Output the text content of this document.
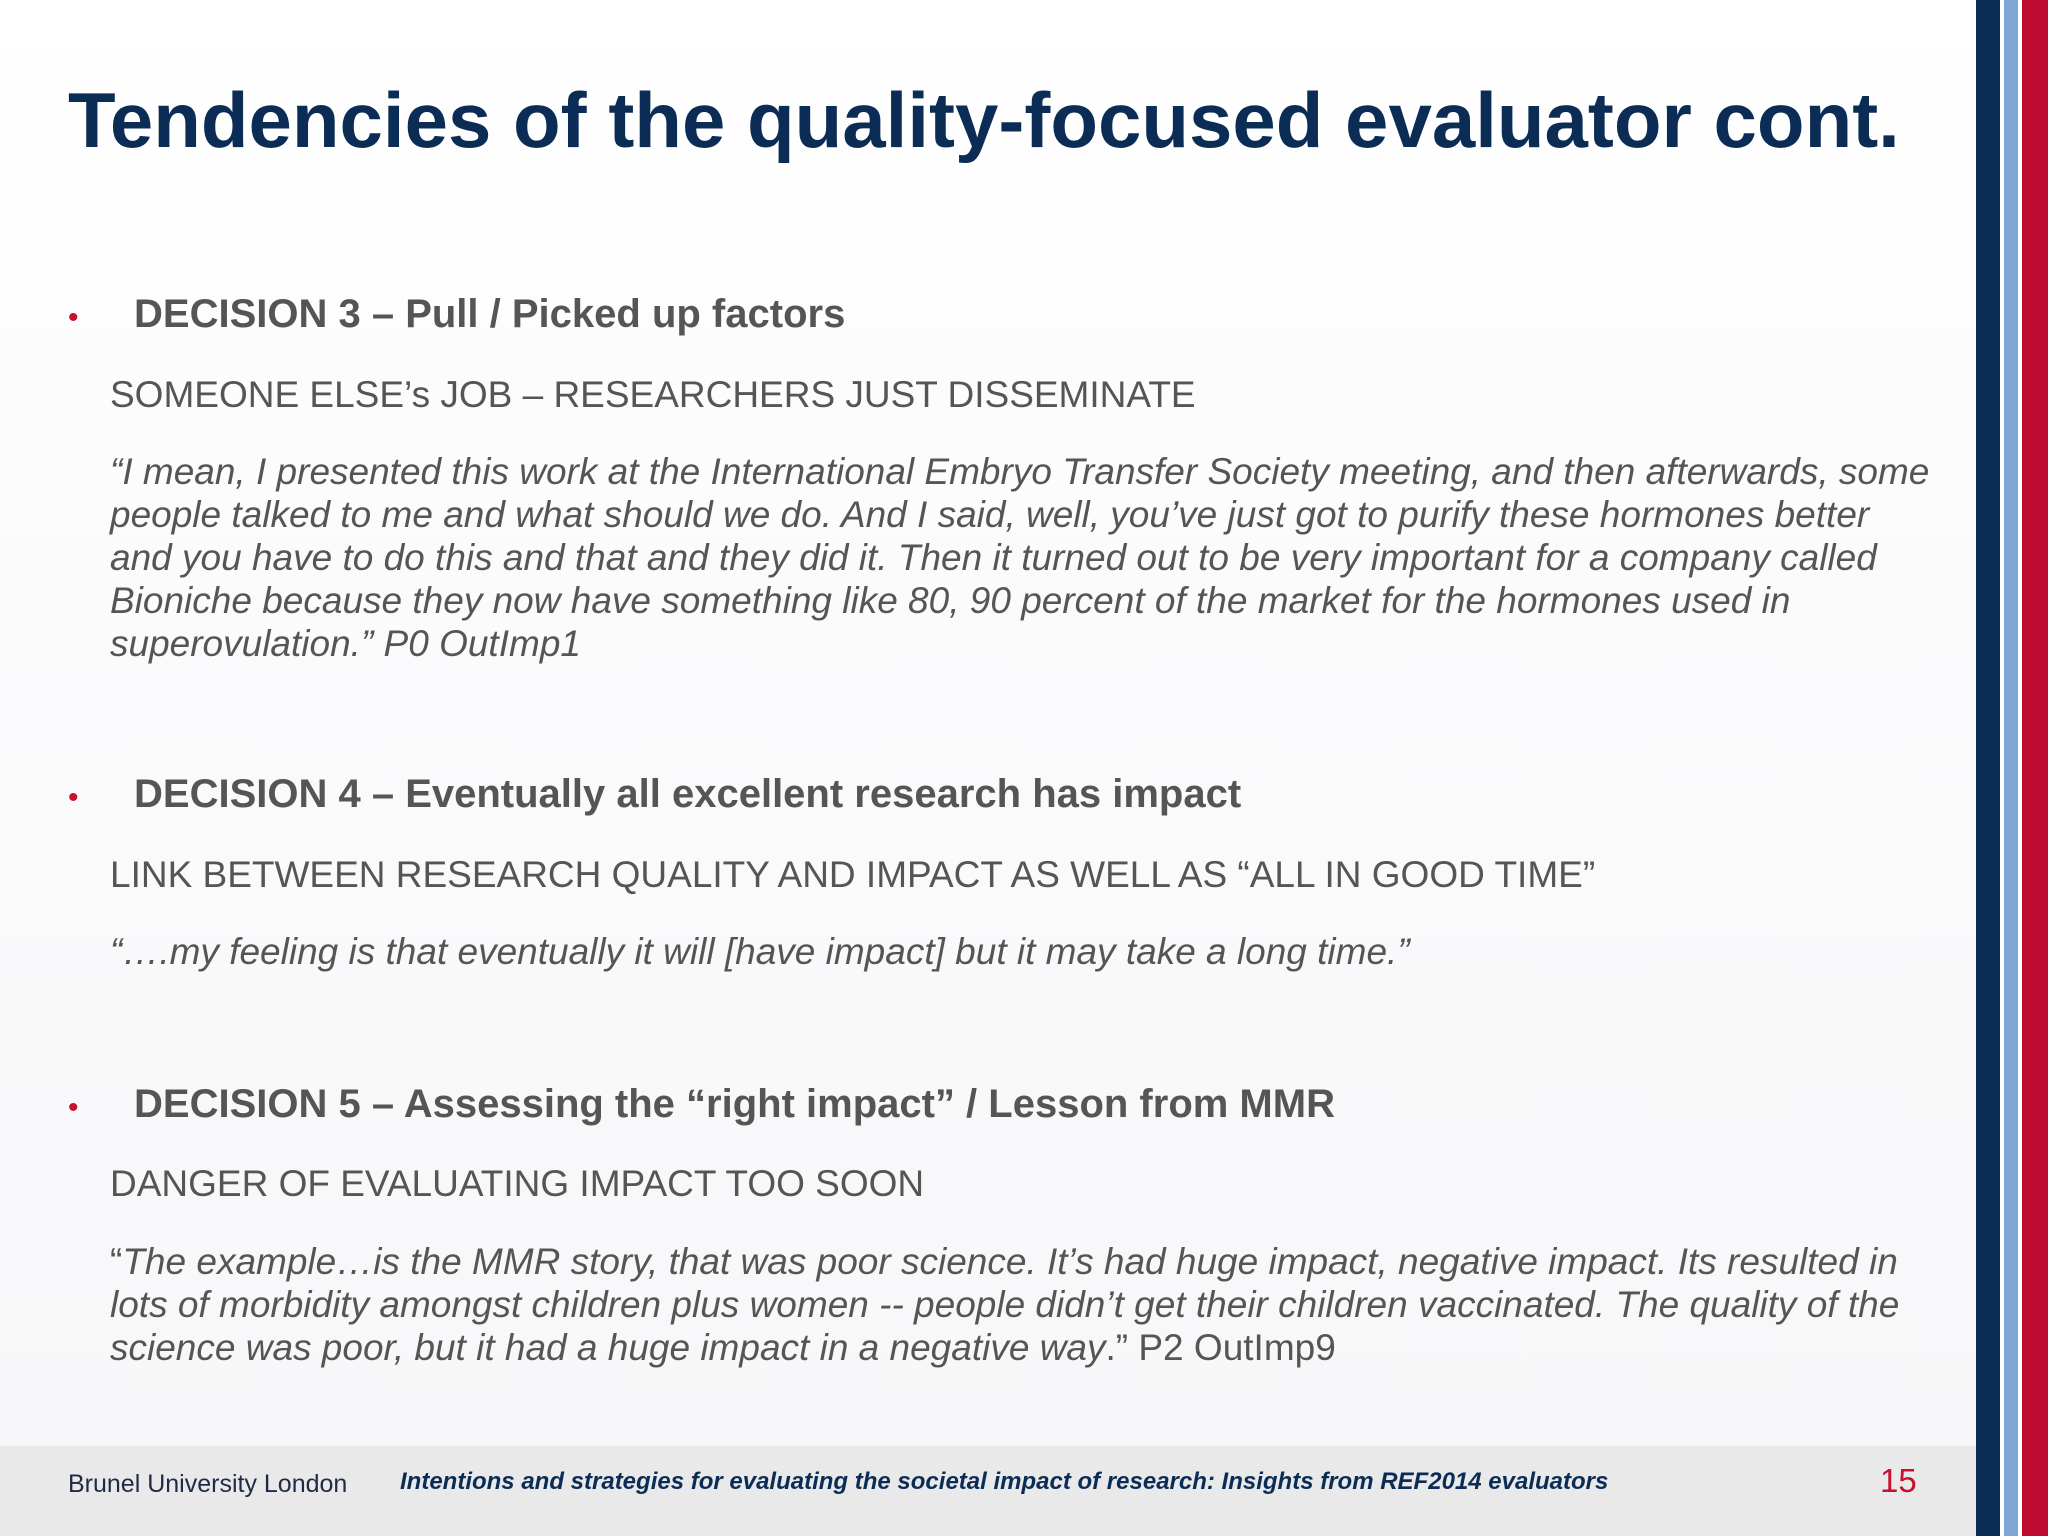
Tendencies of the quality-focused evaluator cont.
•	DECISION 3 – Pull / Picked up factors
SOMEONE ELSE’s JOB – RESEARCHERS JUST DISSEMINATE
“I mean, I presented this work at the International Embryo Transfer Society meeting, and then afterwards, some people talked to me and what should we do. And I said, well, you’ve just got to purify these hormones better and you have to do this and that and they did it. Then it turned out to be very important for a company called Bioniche because they now have something like 80, 90 percent of the market for the hormones used in superovulation.” P0 OutImp1
•	DECISION 4 – Eventually all excellent research has impact
LINK BETWEEN RESEARCH QUALITY AND IMPACT AS WELL AS “ALL IN GOOD TIME”
“….my feeling is that eventually it will [have impact] but it may take a long time.”
•	DECISION 5 – Assessing the “right impact” / Lesson from MMR
DANGER OF EVALUATING IMPACT TOO SOON
“The example…is the MMR story, that was poor science. It’s had huge impact, negative impact. Its resulted in lots of morbidity amongst children plus women -- people didn’t get their children vaccinated. The quality of the science was poor, but it had a huge impact in a negative way.” P2 OutImp9
Brunel University London Intentions and strategies for evaluating the societal impact of research: Insights from REF2014 evaluators	15
